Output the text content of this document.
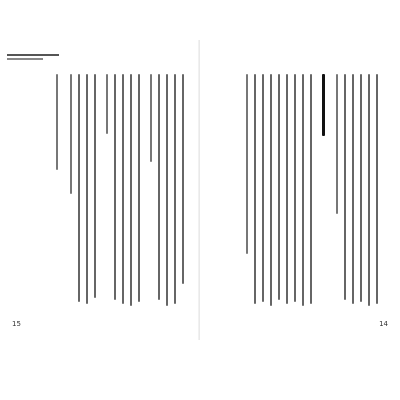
15	14
